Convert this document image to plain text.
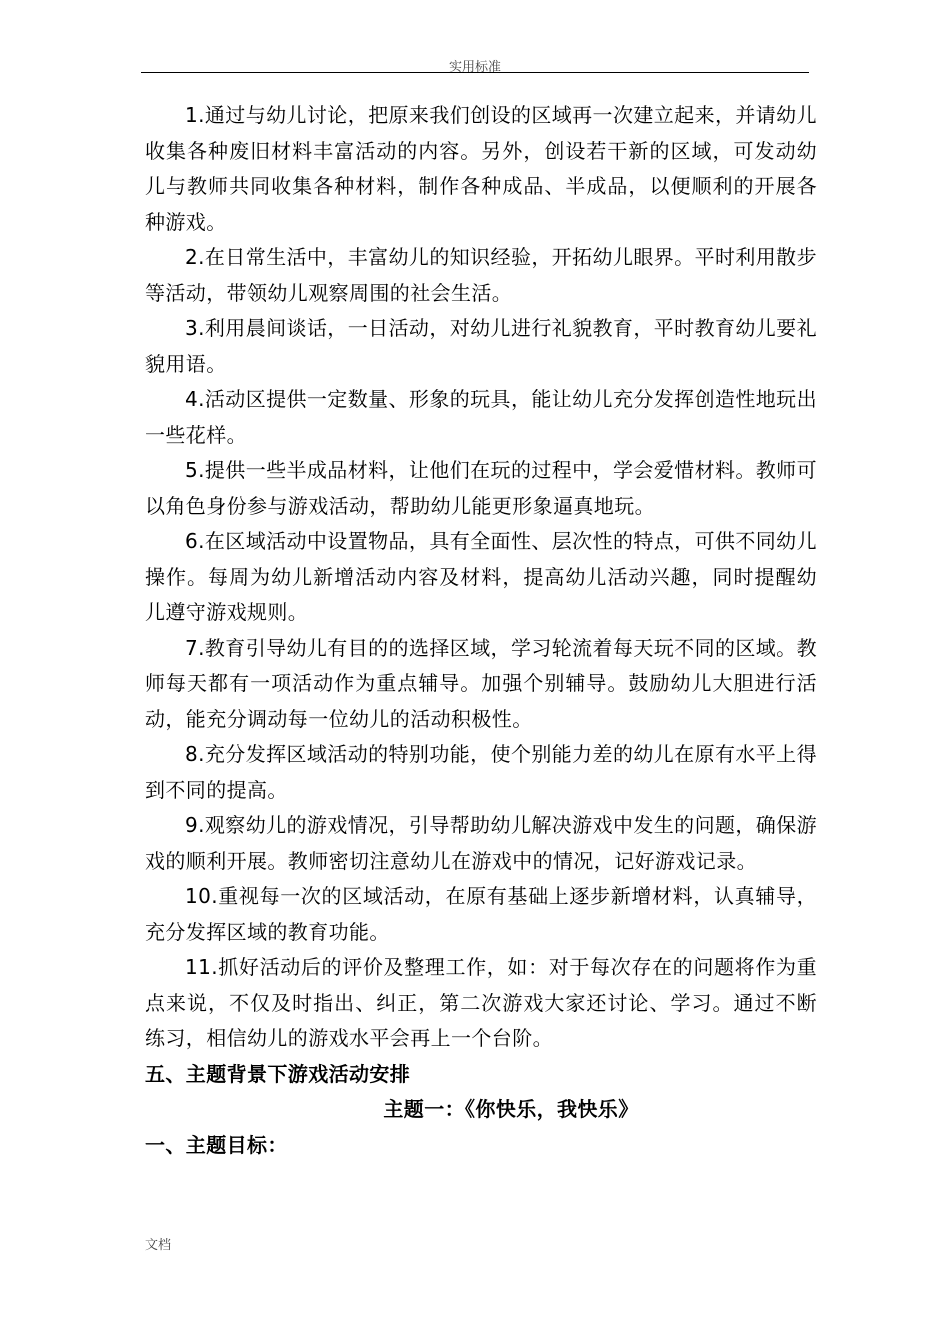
实用标准

1.通过与幼儿讨论，把原来我们创设的区域再一次建立起来，并请幼儿收集各种废旧材料丰富活动的内容。另外，创设若干新的区域，可发动幼儿与教师共同收集各种材料，制作各种成品、半成品，以便顺利的开展各种游戏。

2.在日常生活中，丰富幼儿的知识经验，开拓幼儿眼界。平时利用散步等活动，带领幼儿观察周围的社会生活。

3.利用晨间谈话，一日活动，对幼儿进行礼貌教育，平时教育幼儿要礼貌用语。

4.活动区提供一定数量、形象的玩具，能让幼儿充分发挥创造性地玩出一些花样。

5.提供一些半成品材料，让他们在玩的过程中，学会爱惜材料。教师可以角色身份参与游戏活动，帮助幼儿能更形象逼真地玩。

6.在区域活动中设置物品，具有全面性、层次性的特点，可供不同幼儿操作。每周为幼儿新增活动内容及材料，提高幼儿活动兴趣，同时提醒幼儿遵守游戏规则。

7.教育引导幼儿有目的的选择区域，学习轮流着每天玩不同的区域。教师每天都有一项活动作为重点辅导。加强个别辅导。鼓励幼儿大胆进行活动，能充分调动每一位幼儿的活动积极性。

8.充分发挥区域活动的特别功能，使个别能力差的幼儿在原有水平上得到不同的提高。

9.观察幼儿的游戏情况，引导帮助幼儿解决游戏中发生的问题，确保游戏的顺利开展。教师密切注意幼儿在游戏中的情况，记好游戏记录。

10.重视每一次的区域活动，在原有基础上逐步新增材料，认真辅导，充分发挥区域的教育功能。

11.抓好活动后的评价及整理工作，如：对于每次存在的问题将作为重点来说，不仅及时指出、纠正，第二次游戏大家还讨论、学习。通过不断练习，相信幼儿的游戏水平会再上一个台阶。

五、主题背景下游戏活动安排

主题一：《你快乐，我快乐》

一、主题目标：

文档
